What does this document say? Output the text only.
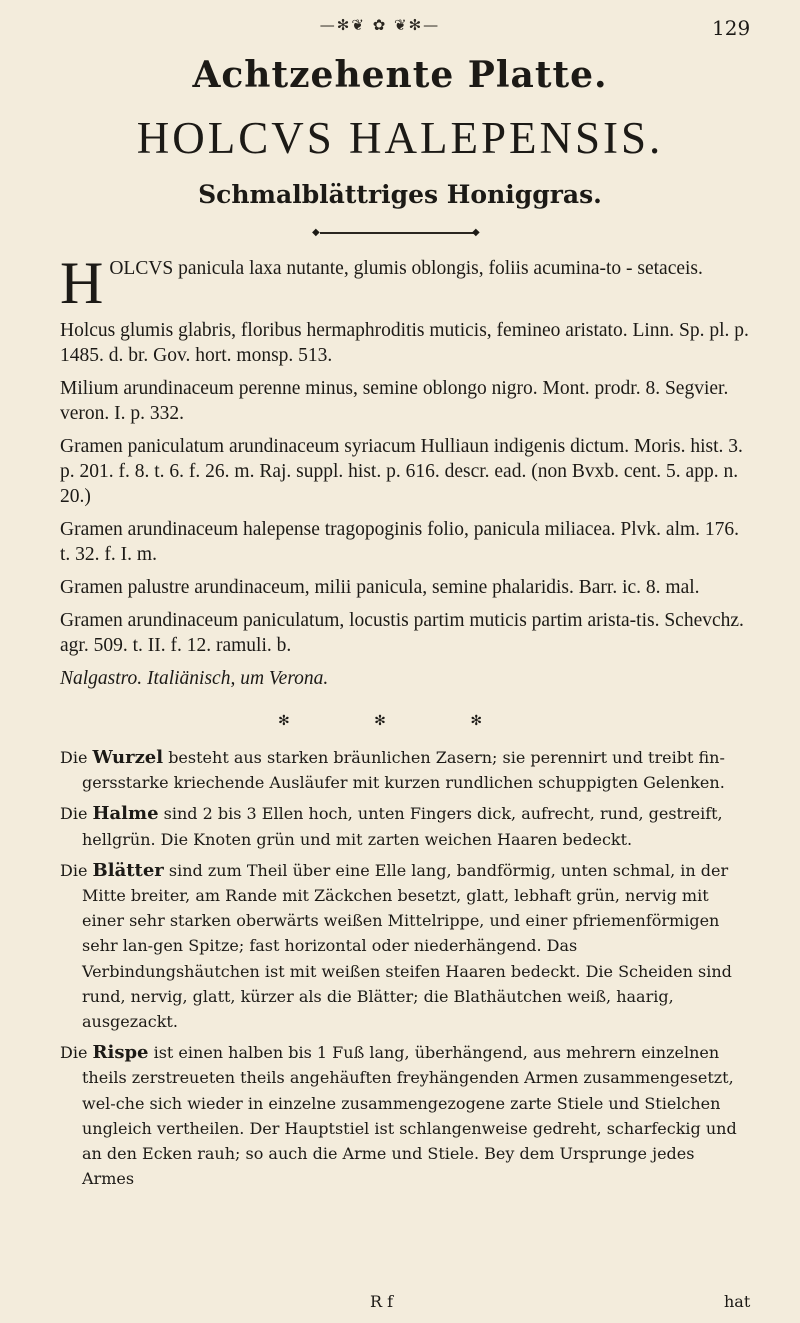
—✻❦ ✿ ❦✻—	129
Achtzehente Platte.
HOLCVS HALEPENSIS.
Schmalblättriges Honiggras.
◆	◆
H OLCVS panicula laxa nutante, glumis oblongis, foliis acumina-to - setaceis.

Holcus glumis glabris, floribus hermaphroditis muticis, femineo aristato. Linn. Sp. pl. p. 1485. d. br. Gov. hort. monsp. 513.

Milium arundinaceum perenne minus, semine oblongo nigro. Mont. prodr. 8. Segvier. veron. I. p. 332.

Gramen paniculatum arundinaceum syriacum Hulliaun indigenis dictum. Moris. hist. 3. p. 201. f. 8. t. 6. f. 26. m. Raj. suppl. hist. p. 616. descr. ead. (non Bvxb. cent. 5. app. n. 20.)

Gramen arundinaceum halepense tragopoginis folio, panicula miliacea. Plvk. alm. 176. t. 32. f. I. m.

Gramen palustre arundinaceum, milii panicula, semine phalaridis. Barr. ic. 8. mal.

Gramen arundinaceum paniculatum, locustis partim muticis partim arista-tis. Schevchz. agr. 509. t. II. f. 12. ramuli. b.

Nalgastro. Italiänisch, um Verona.

✻ ✻ ✻

Die Wurzel besteht aus starken bräunlichen Zasern; sie perennirt und treibt fin-gersstarke kriechende Ausläufer mit kurzen rundlichen schuppigten Gelenken.

Die Halme sind 2 bis 3 Ellen hoch, unten Fingers dick, aufrecht, rund, gestreift, hellgrün. Die Knoten grün und mit zarten weichen Haaren bedeckt.

Die Blätter sind zum Theil über eine Elle lang, bandförmig, unten schmal, in der Mitte breiter, am Rande mit Zäckchen besetzt, glatt, lebhaft grün, nervig mit einer sehr starken oberwärts weißen Mittelrippe, und einer pfriemenförmigen sehr lan-gen Spitze; fast horizontal oder niederhängend. Das Verbindungshäutchen ist mit weißen steifen Haaren bedeckt. Die Scheiden sind rund, nervig, glatt, kürzer als die Blätter; die Blathäutchen weiß, haarig, ausgezackt.

Die Rispe ist einen halben bis 1 Fuß lang, überhängend, aus mehrern einzelnen theils zerstreueten theils angehäuften freyhängenden Armen zusammengesetzt, wel-che sich wieder in einzelne zusammengezogene zarte Stiele und Stielchen ungleich vertheilen. Der Hauptstiel ist schlangenweise gedreht, scharfeckig und an den Ecken rauh; so auch die Arme und Stiele. Bey dem Ursprunge jedes Armes

R f	hat
